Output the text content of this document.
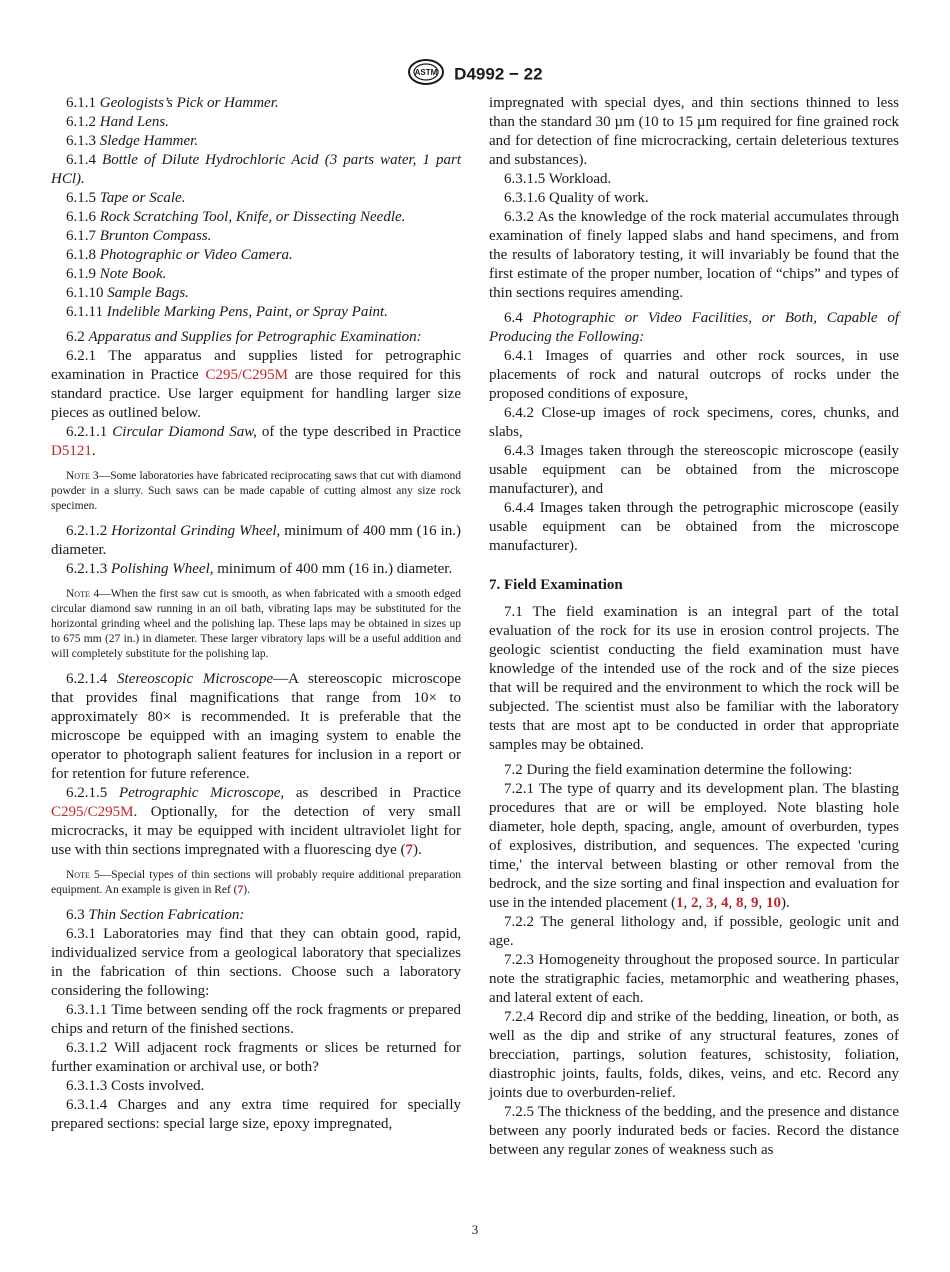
ASTM D4992 − 22

6.1.1 Geologists’s Pick or Hammer.

6.1.2 Hand Lens.

6.1.3 Sledge Hammer.

6.1.4 Bottle of Dilute Hydrochloric Acid (3 parts water, 1 part HCl).

6.1.5 Tape or Scale.

6.1.6 Rock Scratching Tool, Knife, or Dissecting Needle.

6.1.7 Brunton Compass.

6.1.8 Photographic or Video Camera.

6.1.9 Note Book.

6.1.10 Sample Bags.

6.1.11 Indelible Marking Pens, Paint, or Spray Paint.

6.2 Apparatus and Supplies for Petrographic Examination:

6.2.1 The apparatus and supplies listed for petrographic examination in Practice C295/C295M are those required for this standard practice. Use larger equipment for handling larger size pieces as outlined below.

6.2.1.1 Circular Diamond Saw, of the type described in Practice D5121.

Note 3—Some laboratories have fabricated reciprocating saws that cut with diamond powder in a slurry. Such saws can be made capable of cutting almost any size rock specimen.

6.2.1.2 Horizontal Grinding Wheel, minimum of 400 mm (16 in.) diameter.

6.2.1.3 Polishing Wheel, minimum of 400 mm (16 in.) diameter.

Note 4—When the first saw cut is smooth, as when fabricated with a smooth edged circular diamond saw running in an oil bath, vibrating laps may be substituted for the horizontal grinding wheel and the polishing lap. These laps may be obtained in sizes up to 675 mm (27 in.) in diameter. These larger vibratory laps will be a useful addition and will completely substitute for the polishing lap.

6.2.1.4 Stereoscopic Microscope—A stereoscopic microscope that provides final magnifications that range from 10× to approximately 80× is recommended. It is preferable that the microscope be equipped with an imaging system to enable the operator to photograph salient features for inclusion in a report or for retention for future reference.

6.2.1.5 Petrographic Microscope, as described in Practice C295/C295M. Optionally, for the detection of very small microcracks, it may be equipped with incident ultraviolet light for use with thin sections impregnated with a fluorescing dye (7).

Note 5—Special types of thin sections will probably require additional preparation equipment. An example is given in Ref (7).

6.3 Thin Section Fabrication:

6.3.1 Laboratories may find that they can obtain good, rapid, individualized service from a geological laboratory that specializes in the fabrication of thin sections. Choose such a laboratory considering the following:

6.3.1.1 Time between sending off the rock fragments or prepared chips and return of the finished sections.

6.3.1.2 Will adjacent rock fragments or slices be returned for further examination or archival use, or both?

6.3.1.3 Costs involved.

6.3.1.4 Charges and any extra time required for specially prepared sections: special large size, epoxy impregnated,

impregnated with special dyes, and thin sections thinned to less than the standard 30 µm (10 to 15 µm required for fine grained rock and for detection of fine microcracking, certain deleterious textures and substances).

6.3.1.5 Workload.

6.3.1.6 Quality of work.

6.3.2 As the knowledge of the rock material accumulates through examination of finely lapped slabs and hand specimens, and from the results of laboratory testing, it will invariably be found that the first estimate of the proper number, location of “chips” and types of thin sections requires amending.

6.4 Photographic or Video Facilities, or Both, Capable of Producing the Following:

6.4.1 Images of quarries and other rock sources, in use placements of rock and natural outcrops of rocks under the proposed conditions of exposure,

6.4.2 Close-up images of rock specimens, cores, chunks, and slabs,

6.4.3 Images taken through the stereoscopic microscope (easily usable equipment can be obtained from the microscope manufacturer), and

6.4.4 Images taken through the petrographic microscope (easily usable equipment can be obtained from the microscope manufacturer).

7. Field Examination

7.1 The field examination is an integral part of the total evaluation of the rock for its use in erosion control projects. The geologic scientist conducting the field examination must have knowledge of the intended use of the rock and of the size pieces that will be required and the environment to which the rock will be subjected. The scientist must also be familiar with the laboratory tests that are most apt to be conducted in order that appropriate samples may be obtained.

7.2 During the field examination determine the following:

7.2.1 The type of quarry and its development plan. The blasting procedures that are or will be employed. Note blasting hole diameter, hole depth, spacing, angle, amount of overburden, types of explosives, distribution, and sequences. The expected 'curing time,' the interval between blasting or other removal from the bedrock, and the size sorting and final inspection and evaluation for use in the intended placement (1, 2, 3, 4, 8, 9, 10).

7.2.2 The general lithology and, if possible, geologic unit and age.

7.2.3 Homogeneity throughout the proposed source. In particular note the stratigraphic facies, metamorphic and weathering phases, and lateral extent of each.

7.2.4 Record dip and strike of the bedding, lineation, or both, as well as the dip and strike of any structural features, zones of brecciation, partings, solution features, schistosity, foliation, diastrophic joints, faults, folds, dikes, veins, and etc. Record any joints due to overburden-relief.

7.2.5 The thickness of the bedding, and the presence and distance between any poorly indurated beds or facies. Record the distance between any regular zones of weakness such as

3
